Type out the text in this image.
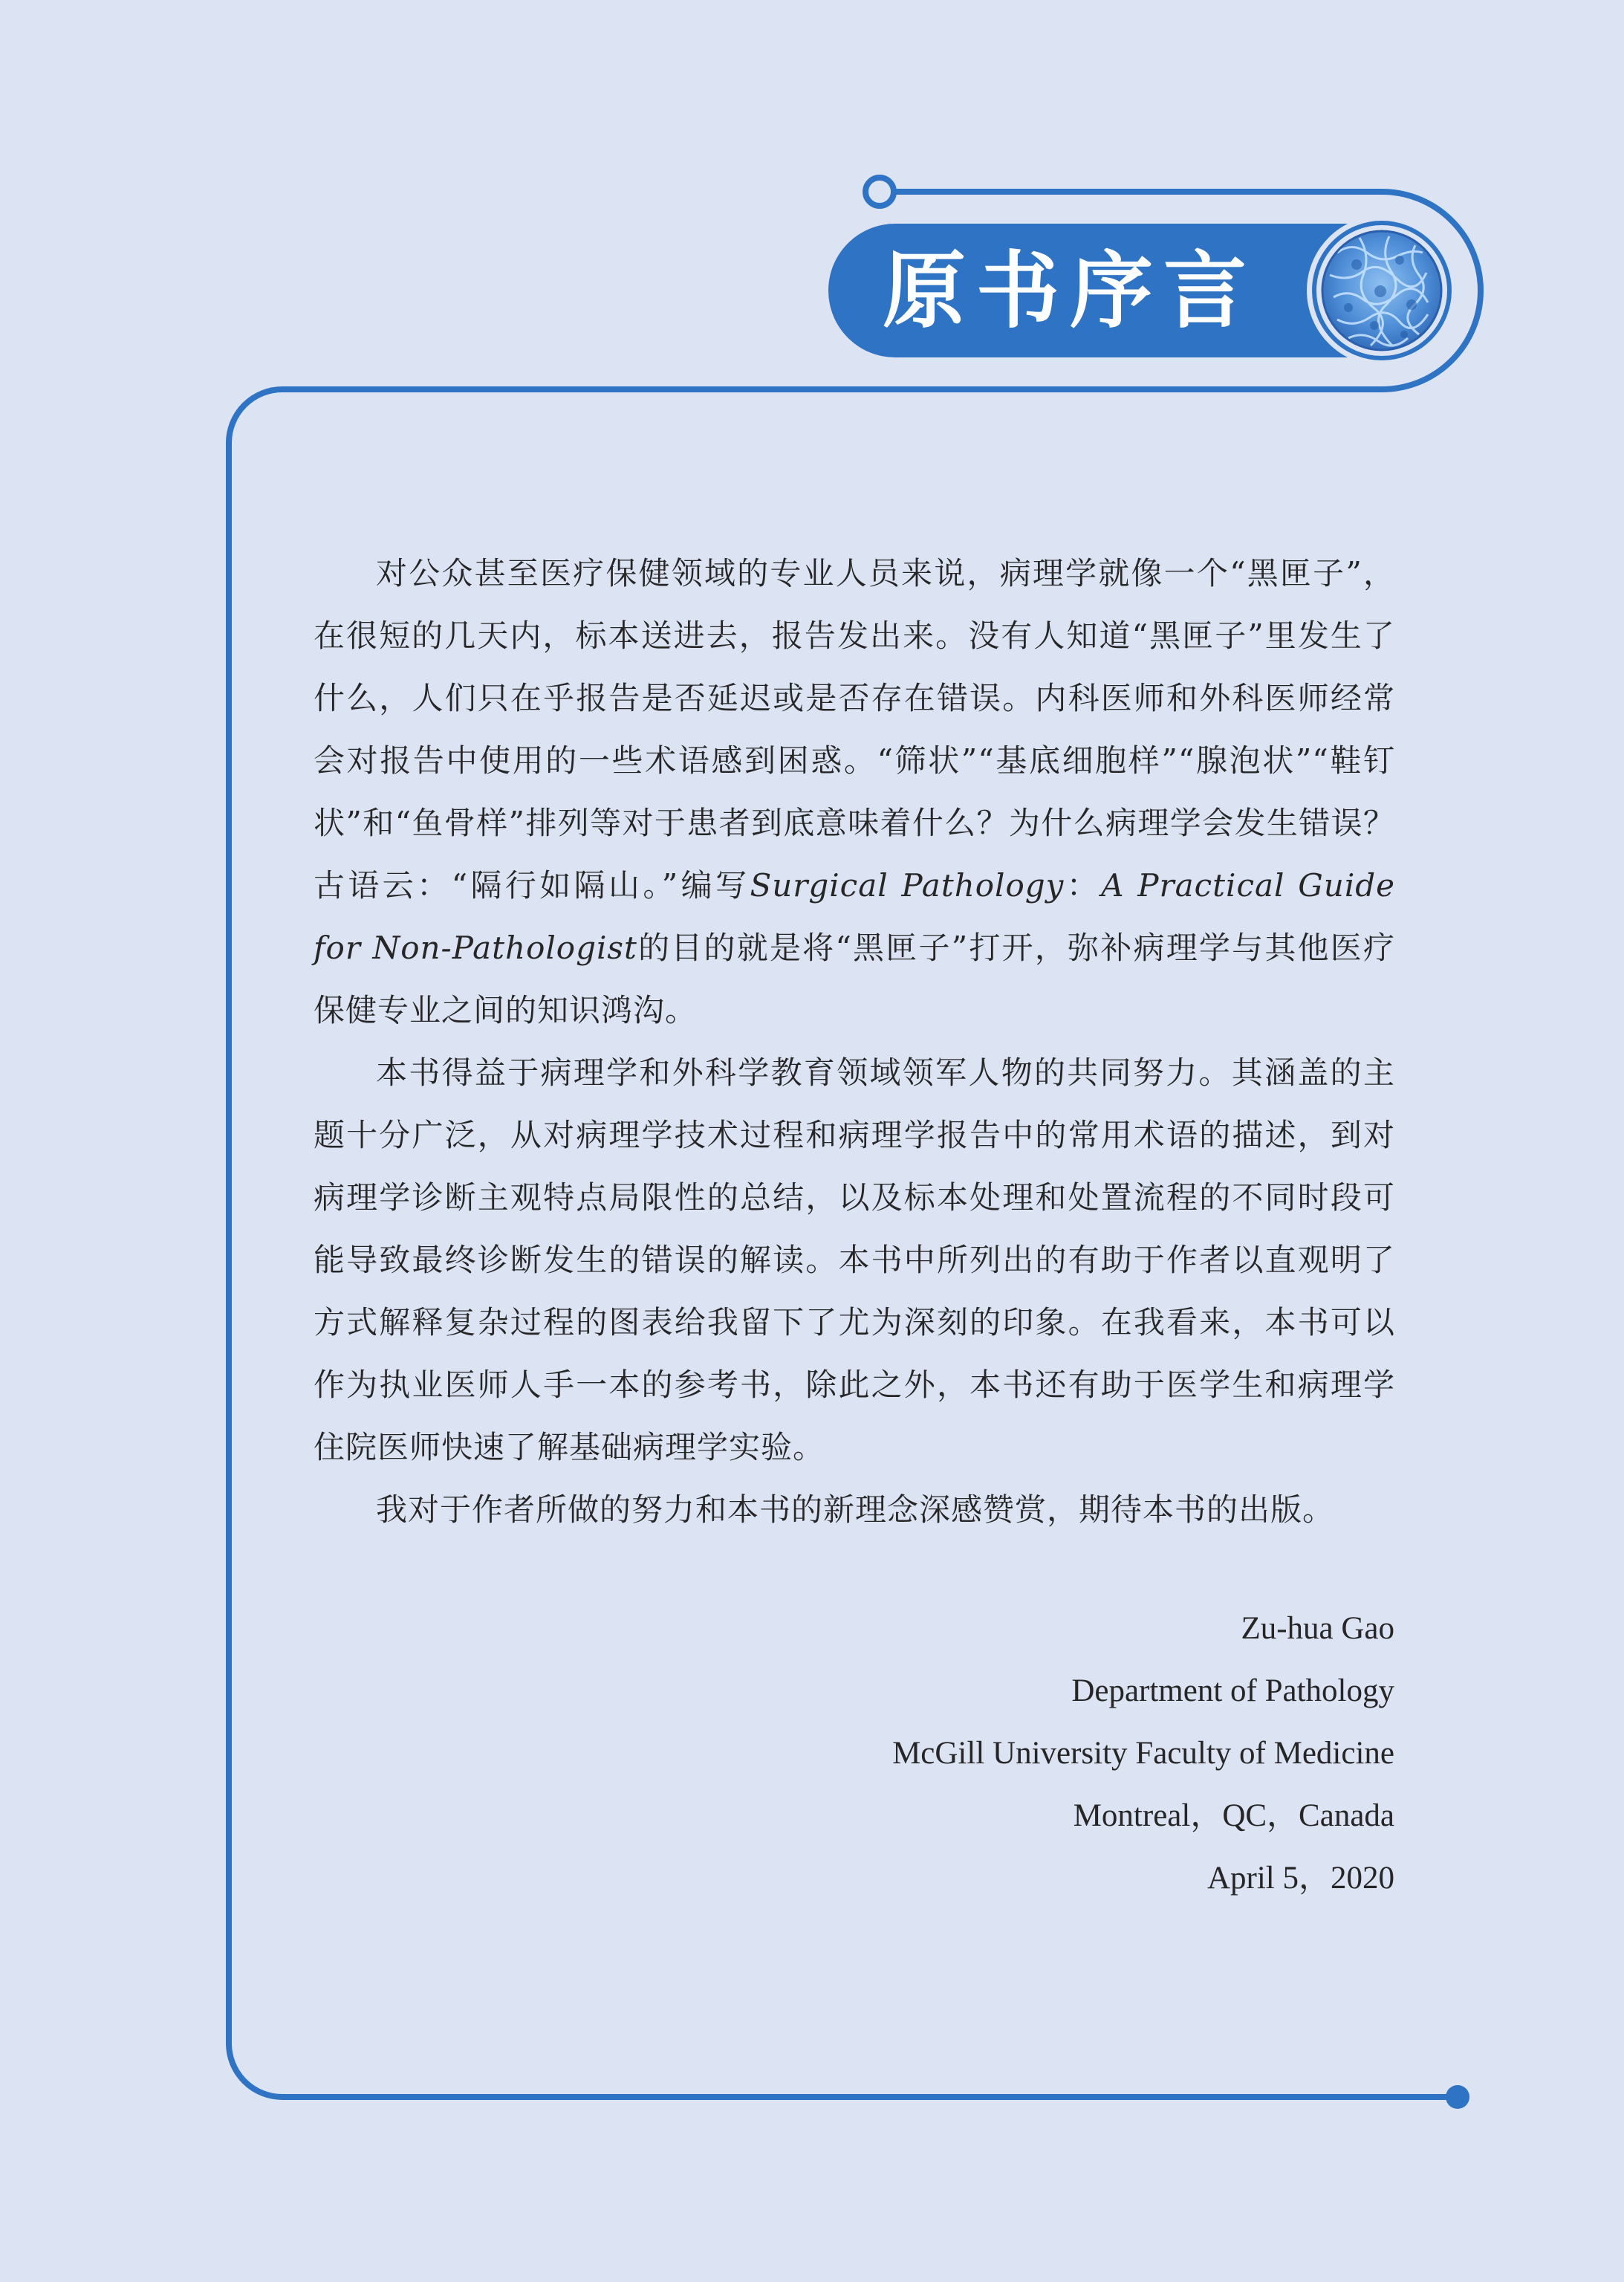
原书序言

对公众甚至医疗保健领域的专业人员来说，病理学就像一个“黑匣子”，在很短的几天内，标本送进去，报告发出来。没有人知道“黑匣子”里发生了什么，人们只在乎报告是否延迟或是否存在错误。内科医师和外科医师经常会对报告中使用的一些术语感到困惑。“筛状”“基底细胞样”“腺泡状”“鞋钉状”和“鱼骨样”排列等对于患者到底意味着什么？为什么病理学会发生错误？古语云：“隔行如隔山。”编写Surgical Pathology：A Practical Guide for Non-Pathologist的目的就是将“黑匣子”打开，弥补病理学与其他医疗保健专业之间的知识鸿沟。

本书得益于病理学和外科学教育领域领军人物的共同努力。其涵盖的主题十分广泛，从对病理学技术过程和病理学报告中的常用术语的描述，到对病理学诊断主观特点局限性的总结，以及标本处理和处置流程的不同时段可能导致最终诊断发生的错误的解读。本书中所列出的有助于作者以直观明了方式解释复杂过程的图表给我留下了尤为深刻的印象。在我看来，本书可以作为执业医师人手一本的参考书，除此之外，本书还有助于医学生和病理学住院医师快速了解基础病理学实验。

我对于作者所做的努力和本书的新理念深感赞赏，期待本书的出版。

Zu-hua Gao
Department of Pathology
McGill University Faculty of Medicine
Montreal，QC，Canada
April 5，2020
